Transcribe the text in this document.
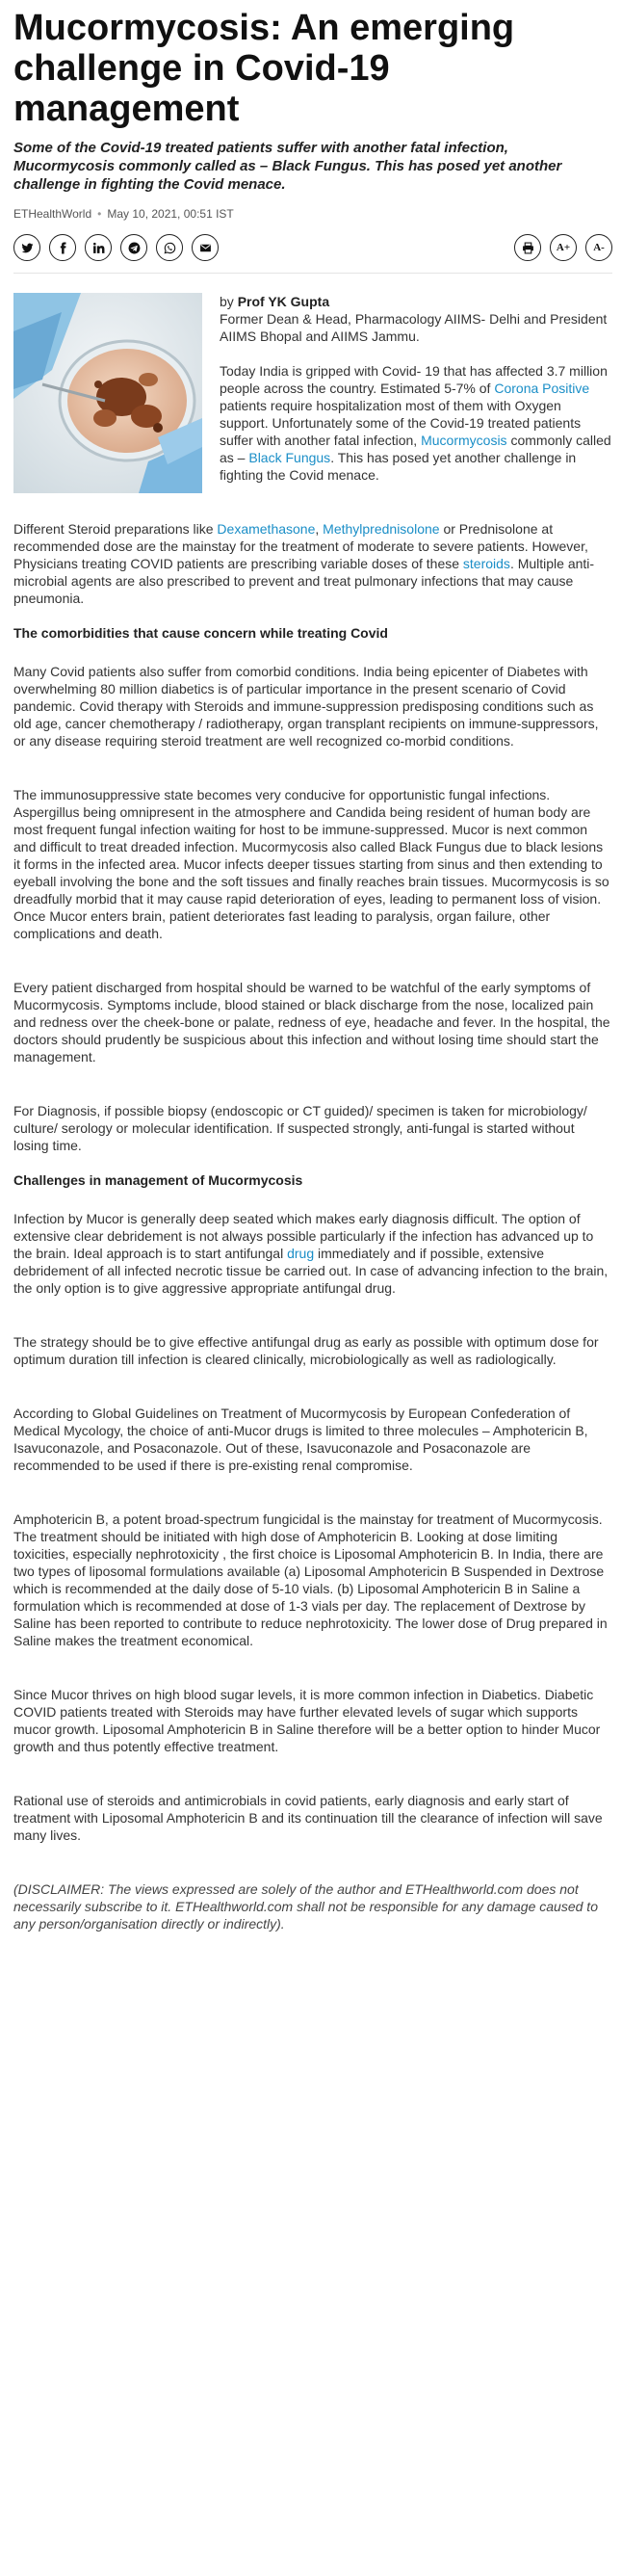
Mucormycosis: An emerging challenge in Covid-19 management
Some of the Covid-19 treated patients suffer with another fatal infection, Mucormycosis commonly called as – Black Fungus. This has posed yet another challenge in fighting the Covid menace.
ETHealthWorld • May 10, 2021, 00:51 IST
A+	A-
by Prof YK Gupta

Former Dean & Head, Pharmacology AIIMS- Delhi and President AIIMS Bhopal and AIIMS Jammu.

Today India is gripped with Covid- 19 that has affected 3.7 million people across the country. Estimated 5-7% of Corona Positive patients require hospitalization most of them with Oxygen support. Unfortunately some of the Covid-19 treated patients suffer with another fatal infection, Mucormycosis commonly called as – Black Fungus. This has posed yet another challenge in fighting the Covid menace.

Different Steroid preparations like Dexamethasone, Methylprednisolone or Prednisolone at recommended dose are the mainstay for the treatment of moderate to severe patients. However, Physicians treating COVID patients are prescribing variable doses of these steroids. Multiple anti-microbial agents are also prescribed to prevent and treat pulmonary infections that may cause pneumonia.

The comorbidities that cause concern while treating Covid

Many Covid patients also suffer from comorbid conditions. India being epicenter of Diabetes with overwhelming 80 million diabetics is of particular importance in the present scenario of Covid pandemic. Covid therapy with Steroids and immune-suppression predisposing conditions such as old age, cancer chemotherapy / radiotherapy, organ transplant recipients on immune-suppressors, or any disease requiring steroid treatment are well recognized co-morbid conditions.

The immunosuppressive state becomes very conducive for opportunistic fungal infections. Aspergillus being omnipresent in the atmosphere and Candida being resident of human body are most frequent fungal infection waiting for host to be immune-suppressed. Mucor is next common and difficult to treat dreaded infection. Mucormycosis also called Black Fungus due to black lesions it forms in the infected area. Mucor infects deeper tissues starting from sinus and then extending to eyeball involving the bone and the soft tissues and finally reaches brain tissues. Mucormycosis is so dreadfully morbid that it may cause rapid deterioration of eyes, leading to permanent loss of vision. Once Mucor enters brain, patient deteriorates fast leading to paralysis, organ failure, other complications and death.

Every patient discharged from hospital should be warned to be watchful of the early symptoms of Mucormycosis. Symptoms include, blood stained or black discharge from the nose, localized pain and redness over the cheek-bone or palate, redness of eye, headache and fever. In the hospital, the doctors should prudently be suspicious about this infection and without losing time should start the management.

For Diagnosis, if possible biopsy (endoscopic or CT guided)/ specimen is taken for microbiology/ culture/ serology or molecular identification. If suspected strongly, anti-fungal is started without losing time.

Challenges in management of Mucormycosis

Infection by Mucor is generally deep seated which makes early diagnosis difficult. The option of extensive clear debridement is not always possible particularly if the infection has advanced up to the brain. Ideal approach is to start antifungal drug immediately and if possible, extensive debridement of all infected necrotic tissue be carried out. In case of advancing infection to the brain, the only option is to give aggressive appropriate antifungal drug.

The strategy should be to give effective antifungal drug as early as possible with optimum dose for optimum duration till infection is cleared clinically, microbiologically as well as radiologically.

According to Global Guidelines on Treatment of Mucormycosis by European Confederation of Medical Mycology, the choice of anti-Mucor drugs is limited to three molecules – Amphotericin B, Isavuconazole, and Posaconazole. Out of these, Isavuconazole and Posaconazole are recommended to be used if there is pre-existing renal compromise.

Amphotericin B, a potent broad-spectrum fungicidal is the mainstay for treatment of Mucormycosis. The treatment should be initiated with high dose of Amphotericin B. Looking at dose limiting toxicities, especially nephrotoxicity , the first choice is Liposomal Amphotericin B. In India, there are two types of liposomal formulations available (a) Liposomal Amphotericin B Suspended in Dextrose which is recommended at the daily dose of 5-10 vials. (b) Liposomal Amphotericin B in Saline a formulation which is recommended at dose of 1-3 vials per day. The replacement of Dextrose by Saline has been reported to contribute to reduce nephrotoxicity. The lower dose of Drug prepared in Saline makes the treatment economical.

Since Mucor thrives on high blood sugar levels, it is more common infection in Diabetics. Diabetic COVID patients treated with Steroids may have further elevated levels of sugar which supports mucor growth. Liposomal Amphotericin B in Saline therefore will be a better option to hinder Mucor growth and thus potently effective treatment.

Rational use of steroids and antimicrobials in covid patients, early diagnosis and early start of treatment with Liposomal Amphotericin B and its continuation till the clearance of infection will save many lives.

(DISCLAIMER: The views expressed are solely of the author and ETHealthworld.com does not necessarily subscribe to it. ETHealthworld.com shall not be responsible for any damage caused to any person/organisation directly or indirectly).
